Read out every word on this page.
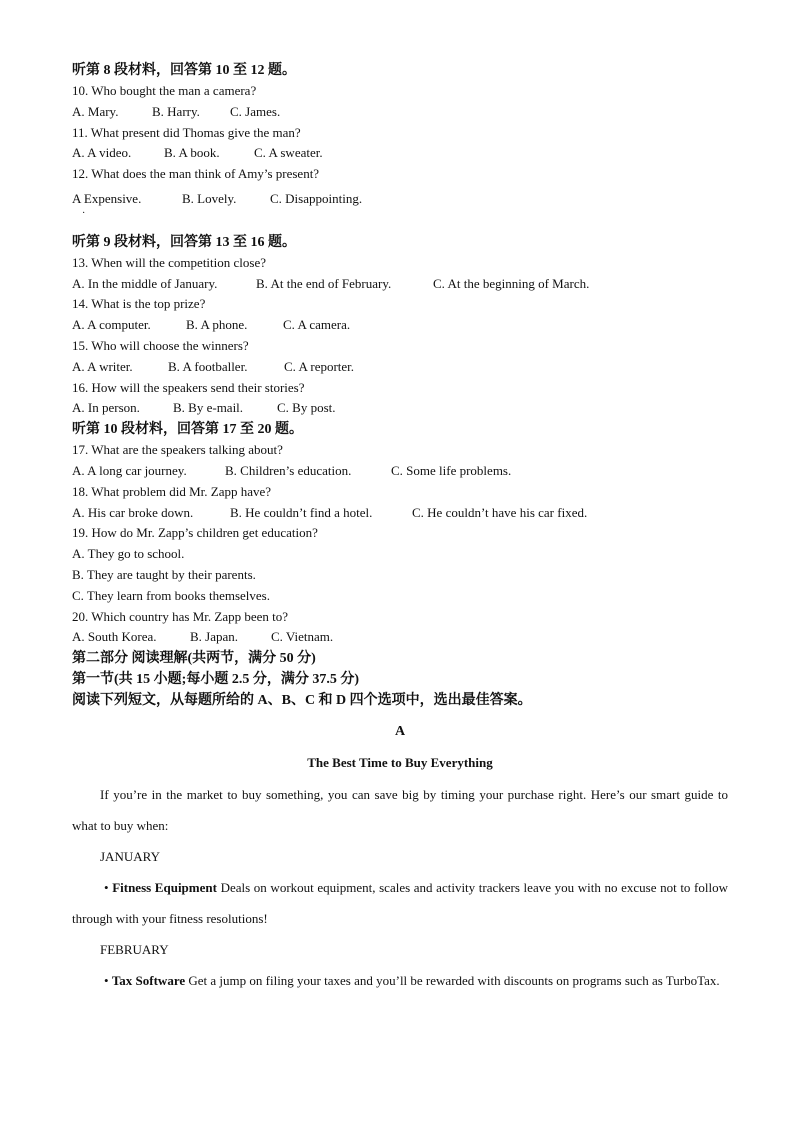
听第 8 段材料，回答第 10 至 12 题。
10. Who bought the man a camera?
A. Mary.	B. Harry. C. James.
11. What present did Thomas give the man?
A. A video.	B. A book.	C. A sweater.
12. What does the man think of Amy’s present?
A Expensive.	B. Lovely.	C. Disappointing.
·
听第 9 段材料，回答第 13 至 16 题。
13. When will the competition close?
A. In the middle of January.	B. At the end of February.	C. At the beginning of March.
14. What is the top prize?
A. A computer.	B. A phone.	C. A camera.
15. Who will choose the winners?
A. A writer.	B. A footballer.	C. A reporter.
16. How will the speakers send their stories?
A. In person.	B. By e-mail.	C. By post.
听第 10 段材料，回答第 17 至 20 题。
17. What are the speakers talking about?
A. A long car journey.	B. Children’s education.	C. Some life problems.
18. What problem did Mr. Zapp have?
A. His car broke down.	B. He couldn’t find a hotel.	C. He couldn’t have his car fixed.
19. How do Mr. Zapp’s children get education?
A. They go to school.
B. They are taught by their parents.
C. They learn from books themselves.
20. Which country has Mr. Zapp been to?
A. South Korea.	B. Japan.	C. Vietnam.
第二部分 阅读理解(共两节，满分 50 分)
第一节(共 15 小题;每小题 2.5 分，满分 37.5 分)
阅读下列短文，从每题所给的 A、B、C 和 D 四个选项中，选出最佳答案。
A
The Best Time to Buy Everything
If you’re in the market to buy something, you can save big by timing your purchase right. Here’s our smart guide to what to buy when:
JANUARY
• Fitness Equipment Deals on workout equipment, scales and activity trackers leave you with no excuse not to follow through with your fitness resolutions!
FEBRUARY
• Tax Software Get a jump on filing your taxes and you’ll be rewarded with discounts on programs such as TurboTax.
